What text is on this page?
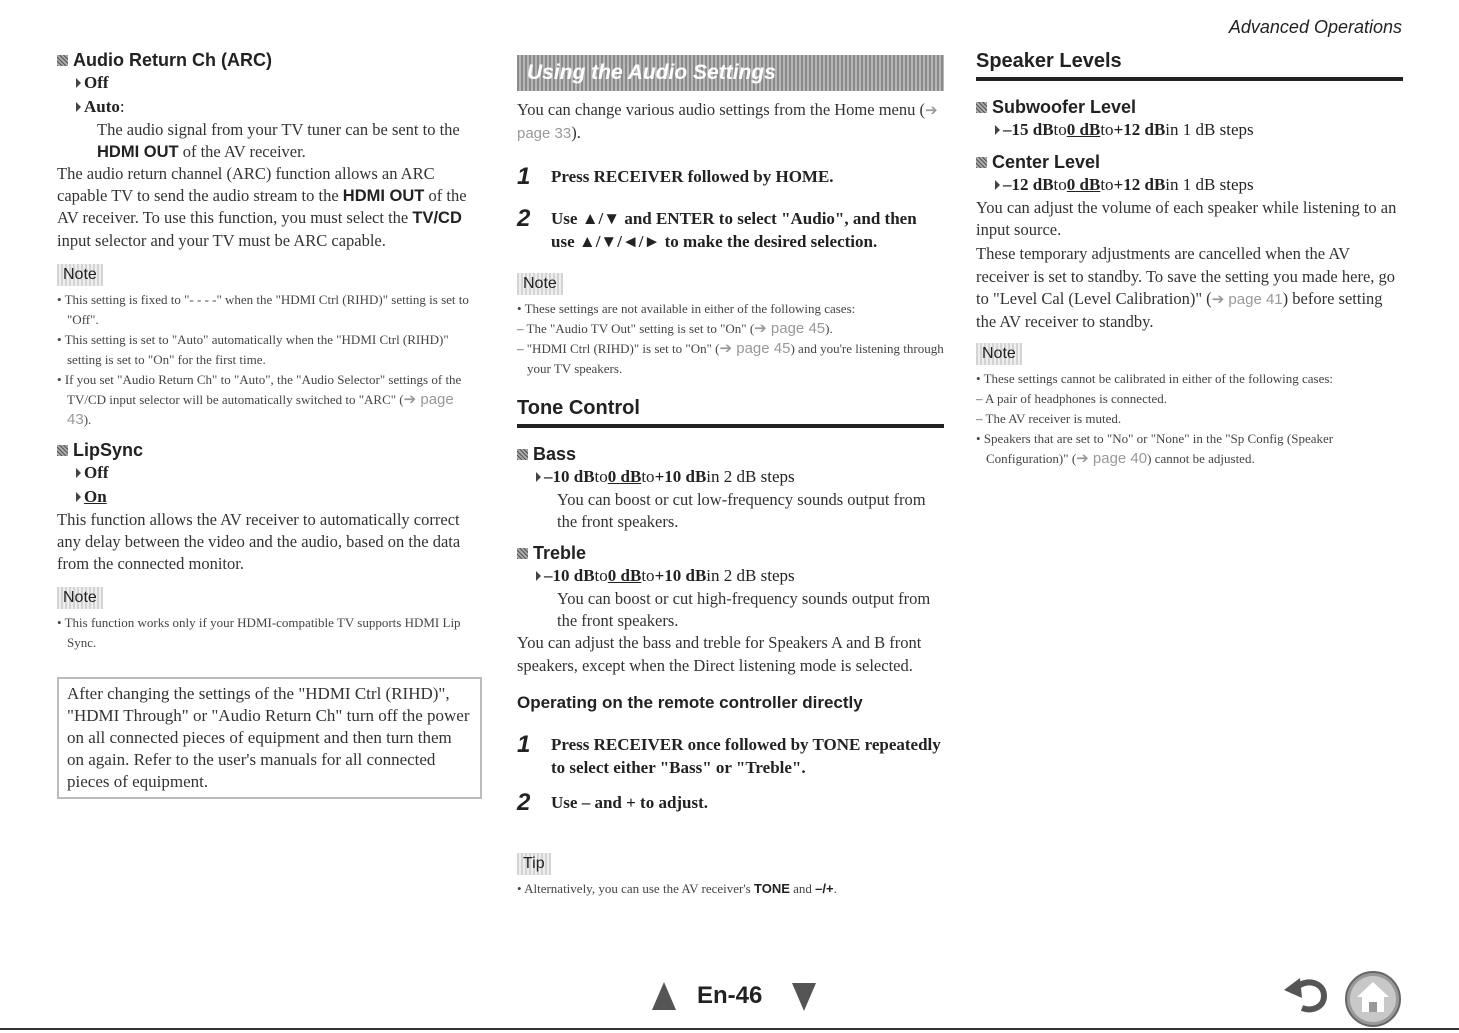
Advanced Operations
Audio Return Ch (ARC)
Off
Auto :
The audio signal from your TV tuner can be sent to the HDMI OUT of the AV receiver.

The audio return channel (ARC) function allows an ARC capable TV to send the audio stream to the HDMI OUT of the AV receiver. To use this function, you must select the TV/CD input selector and your TV must be ARC capable.

Note
• This setting is fixed to "- - - -" when the "HDMI Ctrl (RIHD)" setting is set to "Off".
• This setting is set to "Auto" automatically when the "HDMI Ctrl (RIHD)" setting is set to "On" for the first time.
• If you set "Audio Return Ch" to "Auto", the "Audio Selector" settings of the TV/CD input selector will be automatically switched to "ARC" (➔ page 43).
LipSync
Off
On

This function allows the AV receiver to automatically correct any delay between the video and the audio, based on the data from the connected monitor.

Note
• This function works only if your HDMI-compatible TV supports HDMI Lip Sync.
After changing the settings of the "HDMI Ctrl (RIHD)", "HDMI Through" or "Audio Return Ch" turn off the power on all connected pieces of equipment and then turn them on again. Refer to the user's manuals for all connected pieces of equipment.
Using the Audio Settings

You can change various audio settings from the Home menu (➔ page 33).

1	Press RECEIVER followed by HOME.
2	Use ▲/▼ and ENTER to select "Audio", and then use ▲/▼/◄/► to make the desired selection.
Note
• These settings are not available in either of the following cases:
– The "Audio TV Out" setting is set to "On" (➔ page 45).
– "HDMI Ctrl (RIHD)" is set to "On" (➔ page 45) and you're listening through your TV speakers.
Tone Control
Bass
–10 dB to 0 dB to +10 dB in 2 dB steps
You can boost or cut low-frequency sounds output from the front speakers.
Treble
–10 dB to 0 dB to +10 dB in 2 dB steps
You can boost or cut high-frequency sounds output from the front speakers.

You can adjust the bass and treble for Speakers A and B front speakers, except when the Direct listening mode is selected.

Operating on the remote controller directly
1	Press RECEIVER once followed by TONE repeatedly to select either "Bass" or "Treble".
2	Use – and + to adjust.
Tip
• Alternatively, you can use the AV receiver's TONE and –/+.
Speaker Levels
Subwoofer Level
–15 dB to 0 dB to +12 dB in 1 dB steps
Center Level
–12 dB to 0 dB to +12 dB in 1 dB steps

You can adjust the volume of each speaker while listening to an input source.

These temporary adjustments are cancelled when the AV receiver is set to standby. To save the setting you made here, go to "Level Cal (Level Calibration)" (➔ page 41) before setting the AV receiver to standby.

Note
• These settings cannot be calibrated in either of the following cases:
– A pair of headphones is connected.
– The AV receiver is muted.
• Speakers that are set to "No" or "None" in the "Sp Config (Speaker Configuration)" (➔ page 40) cannot be adjusted.
En-46
